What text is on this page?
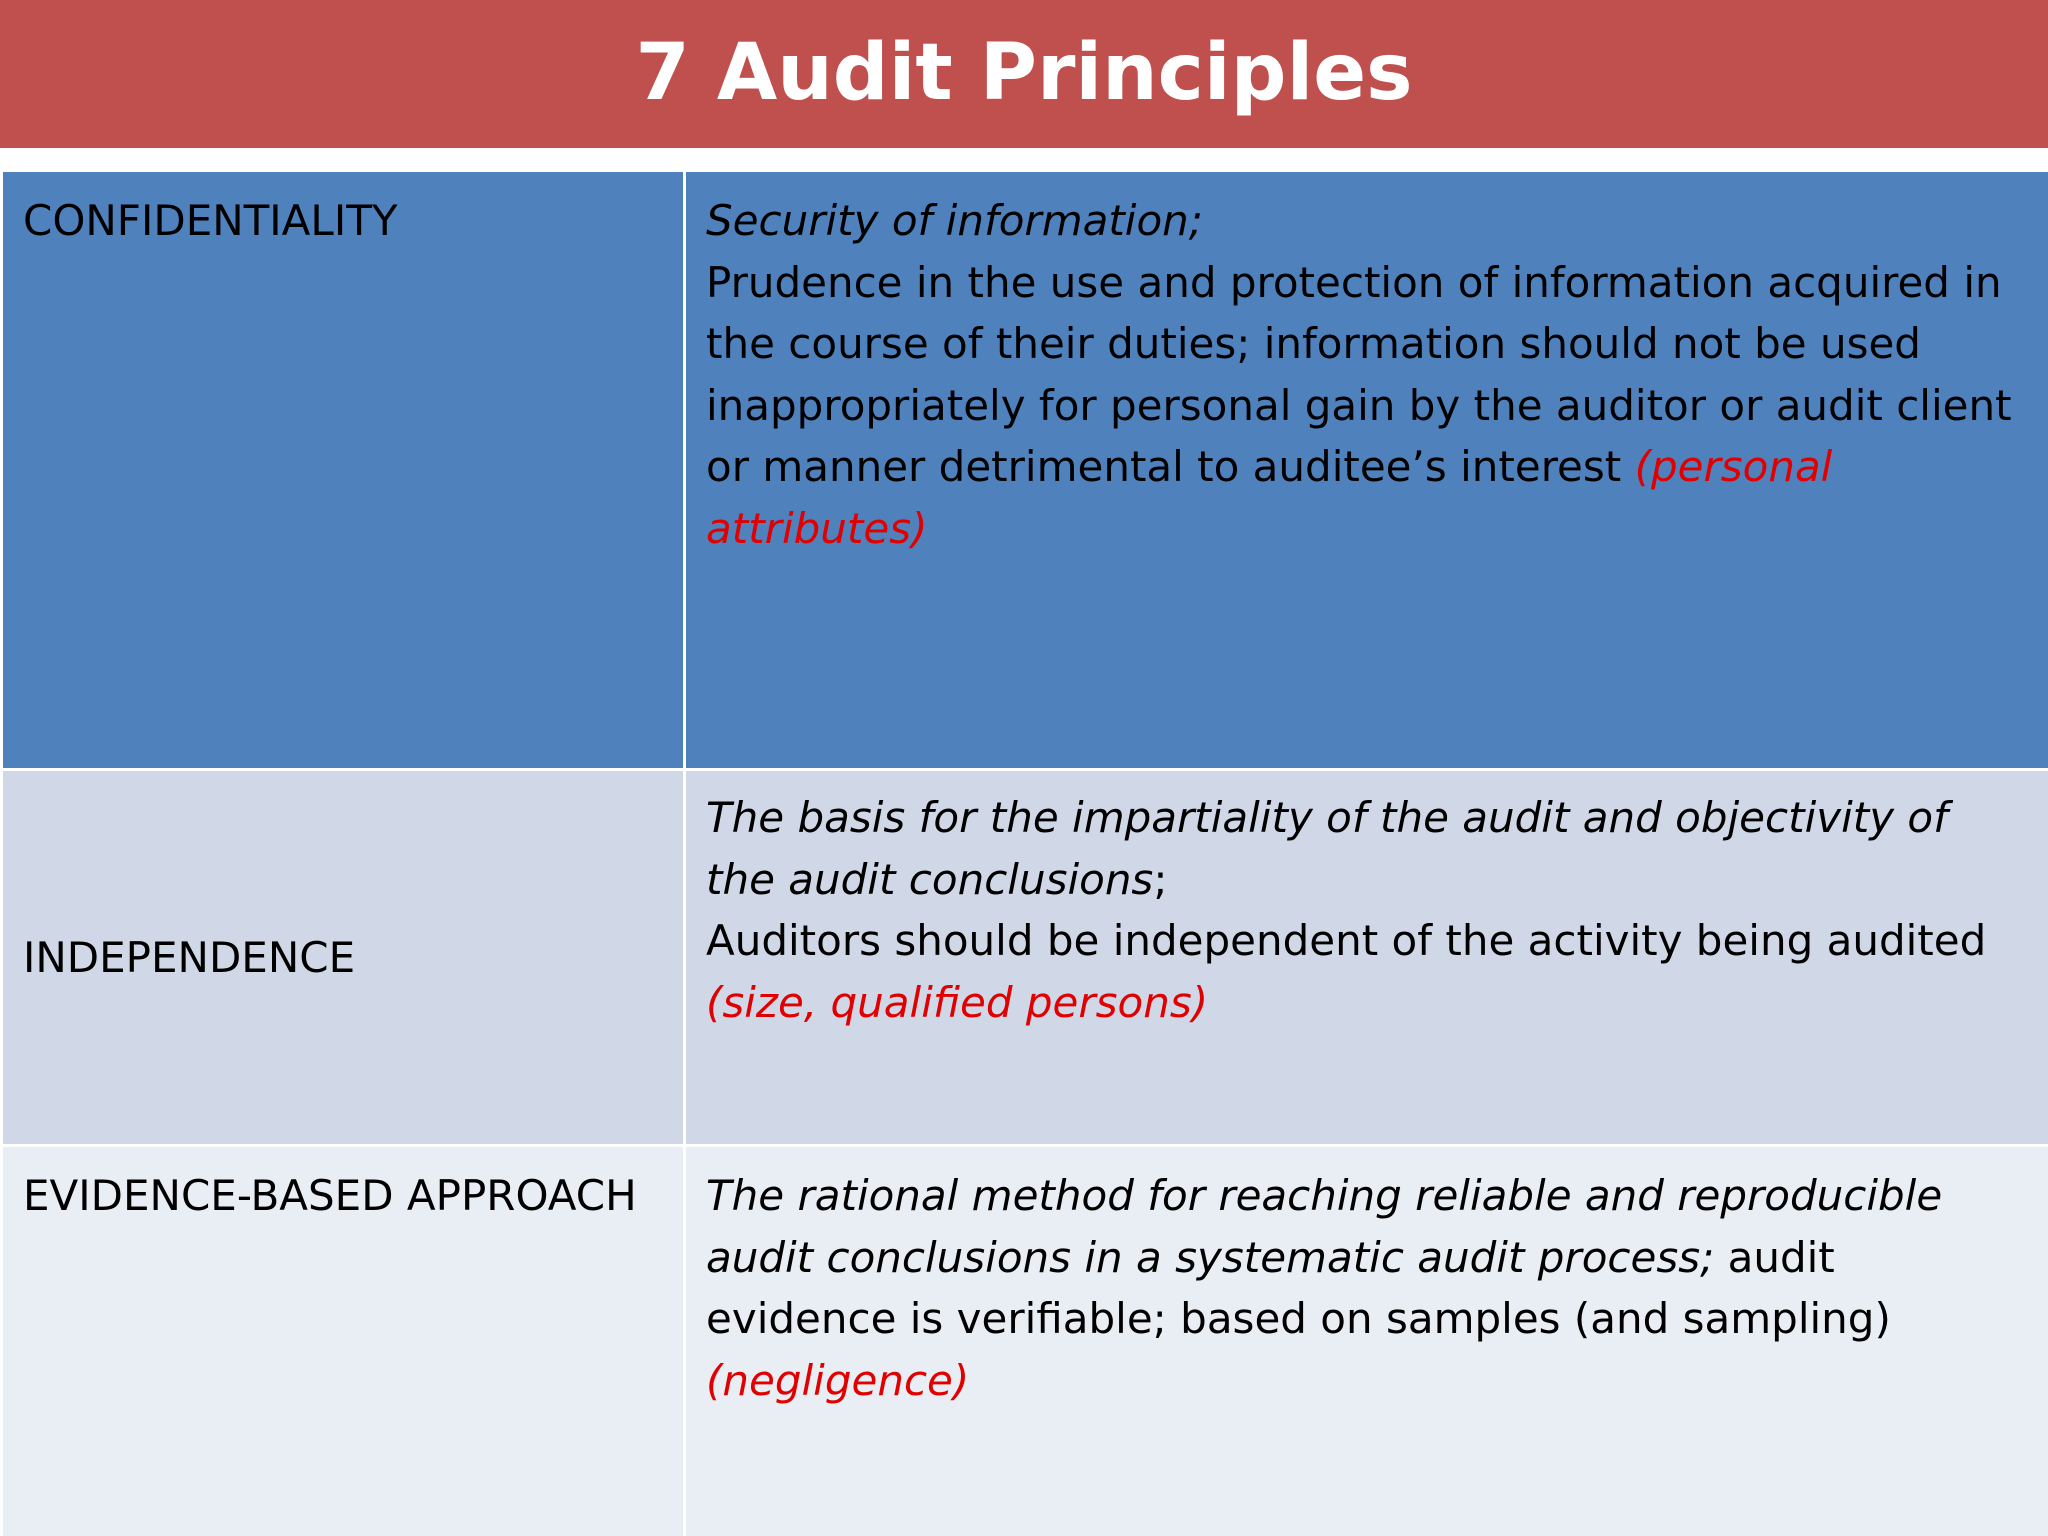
7 Audit Principles
CONFIDENTIALITY	Security of information;
Prudence in the use and protection of information acquired in the course of their duties; information should not be used inappropriately for personal gain by the auditor or audit client or manner detrimental to auditee’s interest (personal attributes)
INDEPENDENCE	The basis for the impartiality of the audit and objectivity of the audit conclusions;
Auditors should be independent of the activity being audited
(size, qualified persons)

EVIDENCE-BASED APPROACH	The rational method for reaching reliable and reproducible audit conclusions in a systematic audit process; audit evidence is verifiable; based on samples (and sampling) (negligence)
